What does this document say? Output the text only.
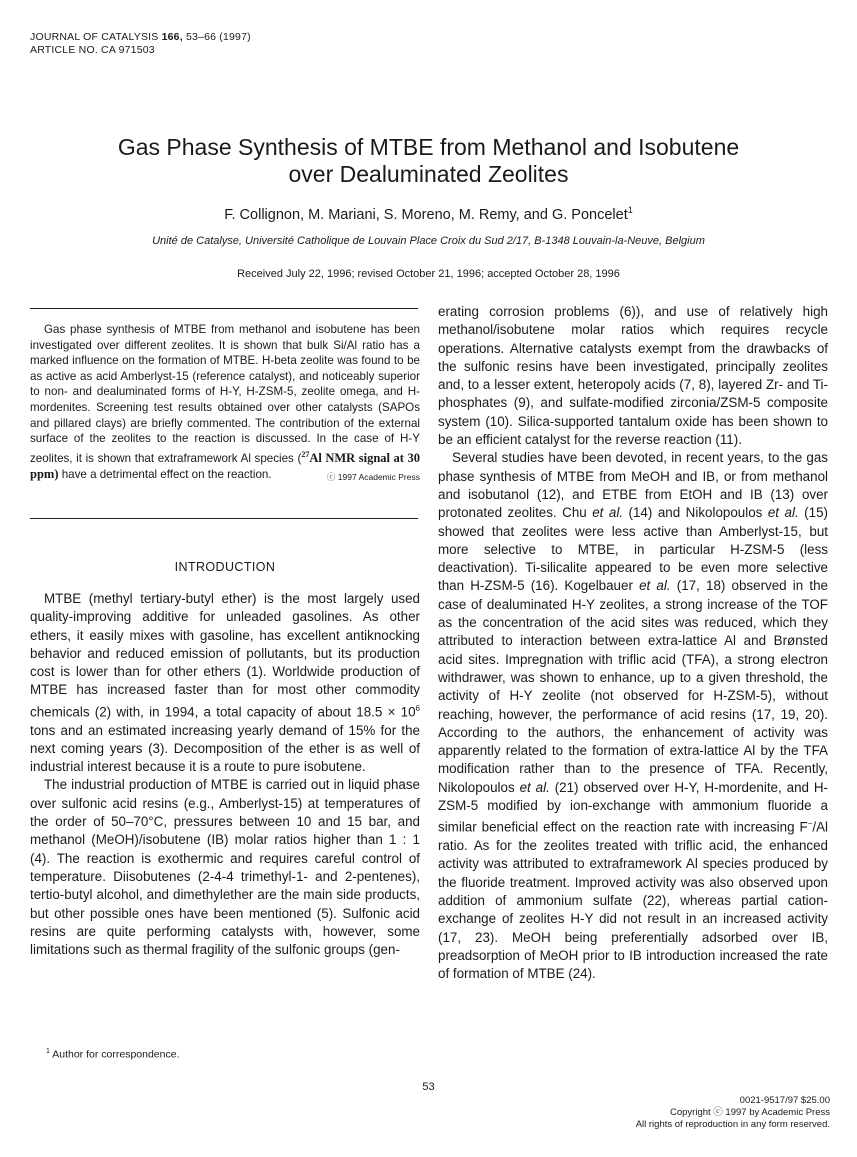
JOURNAL OF CATALYSIS 166, 53–66 (1997)
ARTICLE NO. CA 971503
Gas Phase Synthesis of MTBE from Methanol and Isobutene
over Dealuminated Zeolites
F. Collignon, M. Mariani, S. Moreno, M. Remy, and G. Poncelet$^1$
Unité de Catalyse, Université Catholique de Louvain Place Croix du Sud 2/17, B-1348 Louvain-la-Neuve, Belgium
Received July 22, 1996; revised October 21, 1996; accepted October 28, 1996

Gas phase synthesis of MTBE from methanol and isobutene has been investigated over different zeolites. It is shown that bulk Si/Al ratio has a marked influence on the formation of MTBE. H-beta zeolite was found to be as active as acid Amberlyst-15 (reference catalyst), and noticeably superior to non- and dealuminated forms of H-Y, H-ZSM-5, zeolite omega, and H-mordenites. Screening test results obtained over other catalysts (SAPOs and pillared clays) are briefly commented. The contribution of the external surface of the zeolites to the reaction is discussed. In the case of H-Y zeolites, it is shown that extraframework Al species ($^{27}$Al NMR signal at 30 ppm) have a detrimental effect on the reaction.	ⓒ 1997 Academic Press

INTRODUCTION

MTBE (methyl tertiary-butyl ether) is the most largely used quality-improving additive for unleaded gasolines. As other ethers, it easily mixes with gasoline, has excellent antiknocking behavior and reduced emission of pollutants, but its production cost is lower than for other ethers (1). Worldwide production of MTBE has increased faster than for most other commodity chemicals (2) with, in 1994, a total capacity of about $18.5 \times 10^6$ tons and an estimated increasing yearly demand of 15% for the next coming years (3). Decomposition of the ether is as well of industrial interest because it is a route to pure isobutene.

The industrial production of MTBE is carried out in liquid phase over sulfonic acid resins (e.g., Amberlyst-15) at temperatures of the order of 50–70°C, pressures between 10 and 15 bar, and methanol (MeOH)/isobutene (IB) molar ratios higher than 1 : 1 (4). The reaction is exothermic and requires careful control of temperature. Diisobutenes (2-4-4 trimethyl-1- and 2-pentenes), tertio-butyl alcohol, and dimethylether are the main side products, but other possible ones have been mentioned (5). Sulfonic acid resins are quite performing catalysts with, however, some limitations such as thermal fragility of the sulfonic groups (gen-

erating corrosion problems (6)), and use of relatively high methanol/isobutene molar ratios which requires recycle operations. Alternative catalysts exempt from the drawbacks of the sulfonic resins have been investigated, principally zeolites and, to a lesser extent, heteropoly acids (7, 8), layered Zr- and Ti-phosphates (9), and sulfate-modified zirconia/ZSM-5 composite system (10). Silica-supported tantalum oxide has been shown to be an efficient catalyst for the reverse reaction (11).

Several studies have been devoted, in recent years, to the gas phase synthesis of MTBE from MeOH and IB, or from methanol and isobutanol (12), and ETBE from EtOH and IB (13) over protonated zeolites. Chu et al. (14) and Nikolopoulos et al. (15) showed that zeolites were less active than Amberlyst-15, but more selective to MTBE, in particular H-ZSM-5 (less deactivation). Ti-silicalite appeared to be even more selective than H-ZSM-5 (16). Kogelbauer et al. (17, 18) observed in the case of dealuminated H-Y zeolites, a strong increase of the TOF as the concentration of the acid sites was reduced, which they attributed to interaction between extra-lattice Al and Brønsted acid sites. Impregnation with triflic acid (TFA), a strong electron withdrawer, was shown to enhance, up to a given threshold, the activity of H-Y zeolite (not observed for H-ZSM-5), without reaching, however, the performance of acid resins (17, 19, 20). According to the authors, the enhancement of activity was apparently related to the formation of extra-lattice Al by the TFA modification rather than to the presence of TFA. Recently, Nikolopoulos et al. (21) observed over H-Y, H-mordenite, and H-ZSM-5 modified by ion-exchange with ammonium fluoride a similar beneficial effect on the reaction rate with increasing F−/Al ratio. As for the zeolites treated with triflic acid, the enhanced activity was attributed to extraframework Al species produced by the fluoride treatment. Improved activity was also observed upon addition of ammonium sulfate (22), whereas partial cation-exchange of zeolites H-Y did not result in an increased activity (17, 23). MeOH being preferentially adsorbed over IB, preadsorption of MeOH prior to IB introduction increased the rate of formation of MTBE (24).

$^1$ Author for correspondence.
53
0021-9517/97 $25.00
Copyright ⓒ 1997 by Academic Press
All rights of reproduction in any form reserved.
